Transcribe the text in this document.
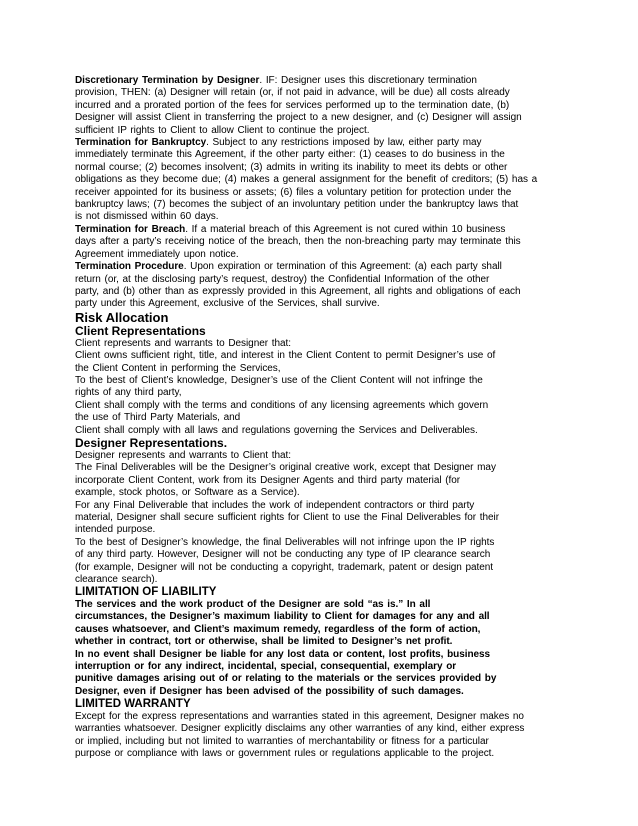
Discretionary Termination by Designer. IF: Designer uses this discretionary termination
provision, THEN: (a) Designer will retain (or, if not paid in advance, will be due) all costs already
incurred and a prorated portion of the fees for services performed up to the termination date, (b)
Designer will assist Client in transferring the project to a new designer, and (c) Designer will assign
sufficient IP rights to Client to allow Client to continue the project.
Termination for Bankruptcy. Subject to any restrictions imposed by law, either party may
immediately terminate this Agreement, if the other party either: (1) ceases to do business in the
normal course; (2) becomes insolvent; (3) admits in writing its inability to meet its debts or other
obligations as they become due; (4) makes a general assignment for the benefit of creditors; (5) has a
receiver appointed for its business or assets; (6) files a voluntary petition for protection under the
bankruptcy laws; (7) becomes the subject of an involuntary petition under the bankruptcy laws that
is not dismissed within 60 days.
Termination for Breach. If a material breach of this Agreement is not cured within 10 business
days after a party’s receiving notice of the breach, then the non-breaching party may terminate this
Agreement immediately upon notice.
Termination Procedure. Upon expiration or termination of this Agreement: (a) each party shall
return (or, at the disclosing party’s request, destroy) the Confidential Information of the other
party, and (b) other than as expressly provided in this Agreement, all rights and obligations of each
party under this Agreement, exclusive of the Services, shall survive.
Risk Allocation
Client Representations
Client represents and warrants to Designer that:
Client owns sufficient right, title, and interest in the Client Content to permit Designer’s use of
the Client Content in performing the Services,
To the best of Client’s knowledge, Designer’s use of the Client Content will not infringe the
rights of any third party,
Client shall comply with the terms and conditions of any licensing agreements which govern
the use of Third Party Materials, and
Client shall comply with all laws and regulations governing the Services and Deliverables.
Designer Representations.
Designer represents and warrants to Client that:
The Final Deliverables will be the Designer’s original creative work, except that Designer may
incorporate Client Content, work from its Designer Agents and third party material (for
example, stock photos, or Software as a Service).
For any Final Deliverable that includes the work of independent contractors or third party
material, Designer shall secure sufficient rights for Client to use the Final Deliverables for their
intended purpose.
To the best of Designer’s knowledge, the final Deliverables will not infringe upon the IP rights
of any third party. However, Designer will not be conducting any type of IP clearance search
(for example, Designer will not be conducting a copyright, trademark, patent or design patent
clearance search).
LIMITATION OF LIABILITY
The services and the work product of the Designer are sold “as is.” In all
circumstances, the Designer’s maximum liability to Client for damages for any and all
causes whatsoever, and Client’s maximum remedy, regardless of the form of action,
whether in contract, tort or otherwise, shall be limited to Designer’s net profit.
In no event shall Designer be liable for any lost data or content, lost profits, business
interruption or for any indirect, incidental, special, consequential, exemplary or
punitive damages arising out of or relating to the materials or the services provided by
Designer, even if Designer has been advised of the possibility of such damages.
LIMITED WARRANTY
Except for the express representations and warranties stated in this agreement, Designer makes no
warranties whatsoever. Designer explicitly disclaims any other warranties of any kind, either express
or implied, including but not limited to warranties of merchantability or fitness for a particular
purpose or compliance with laws or government rules or regulations applicable to the project.
